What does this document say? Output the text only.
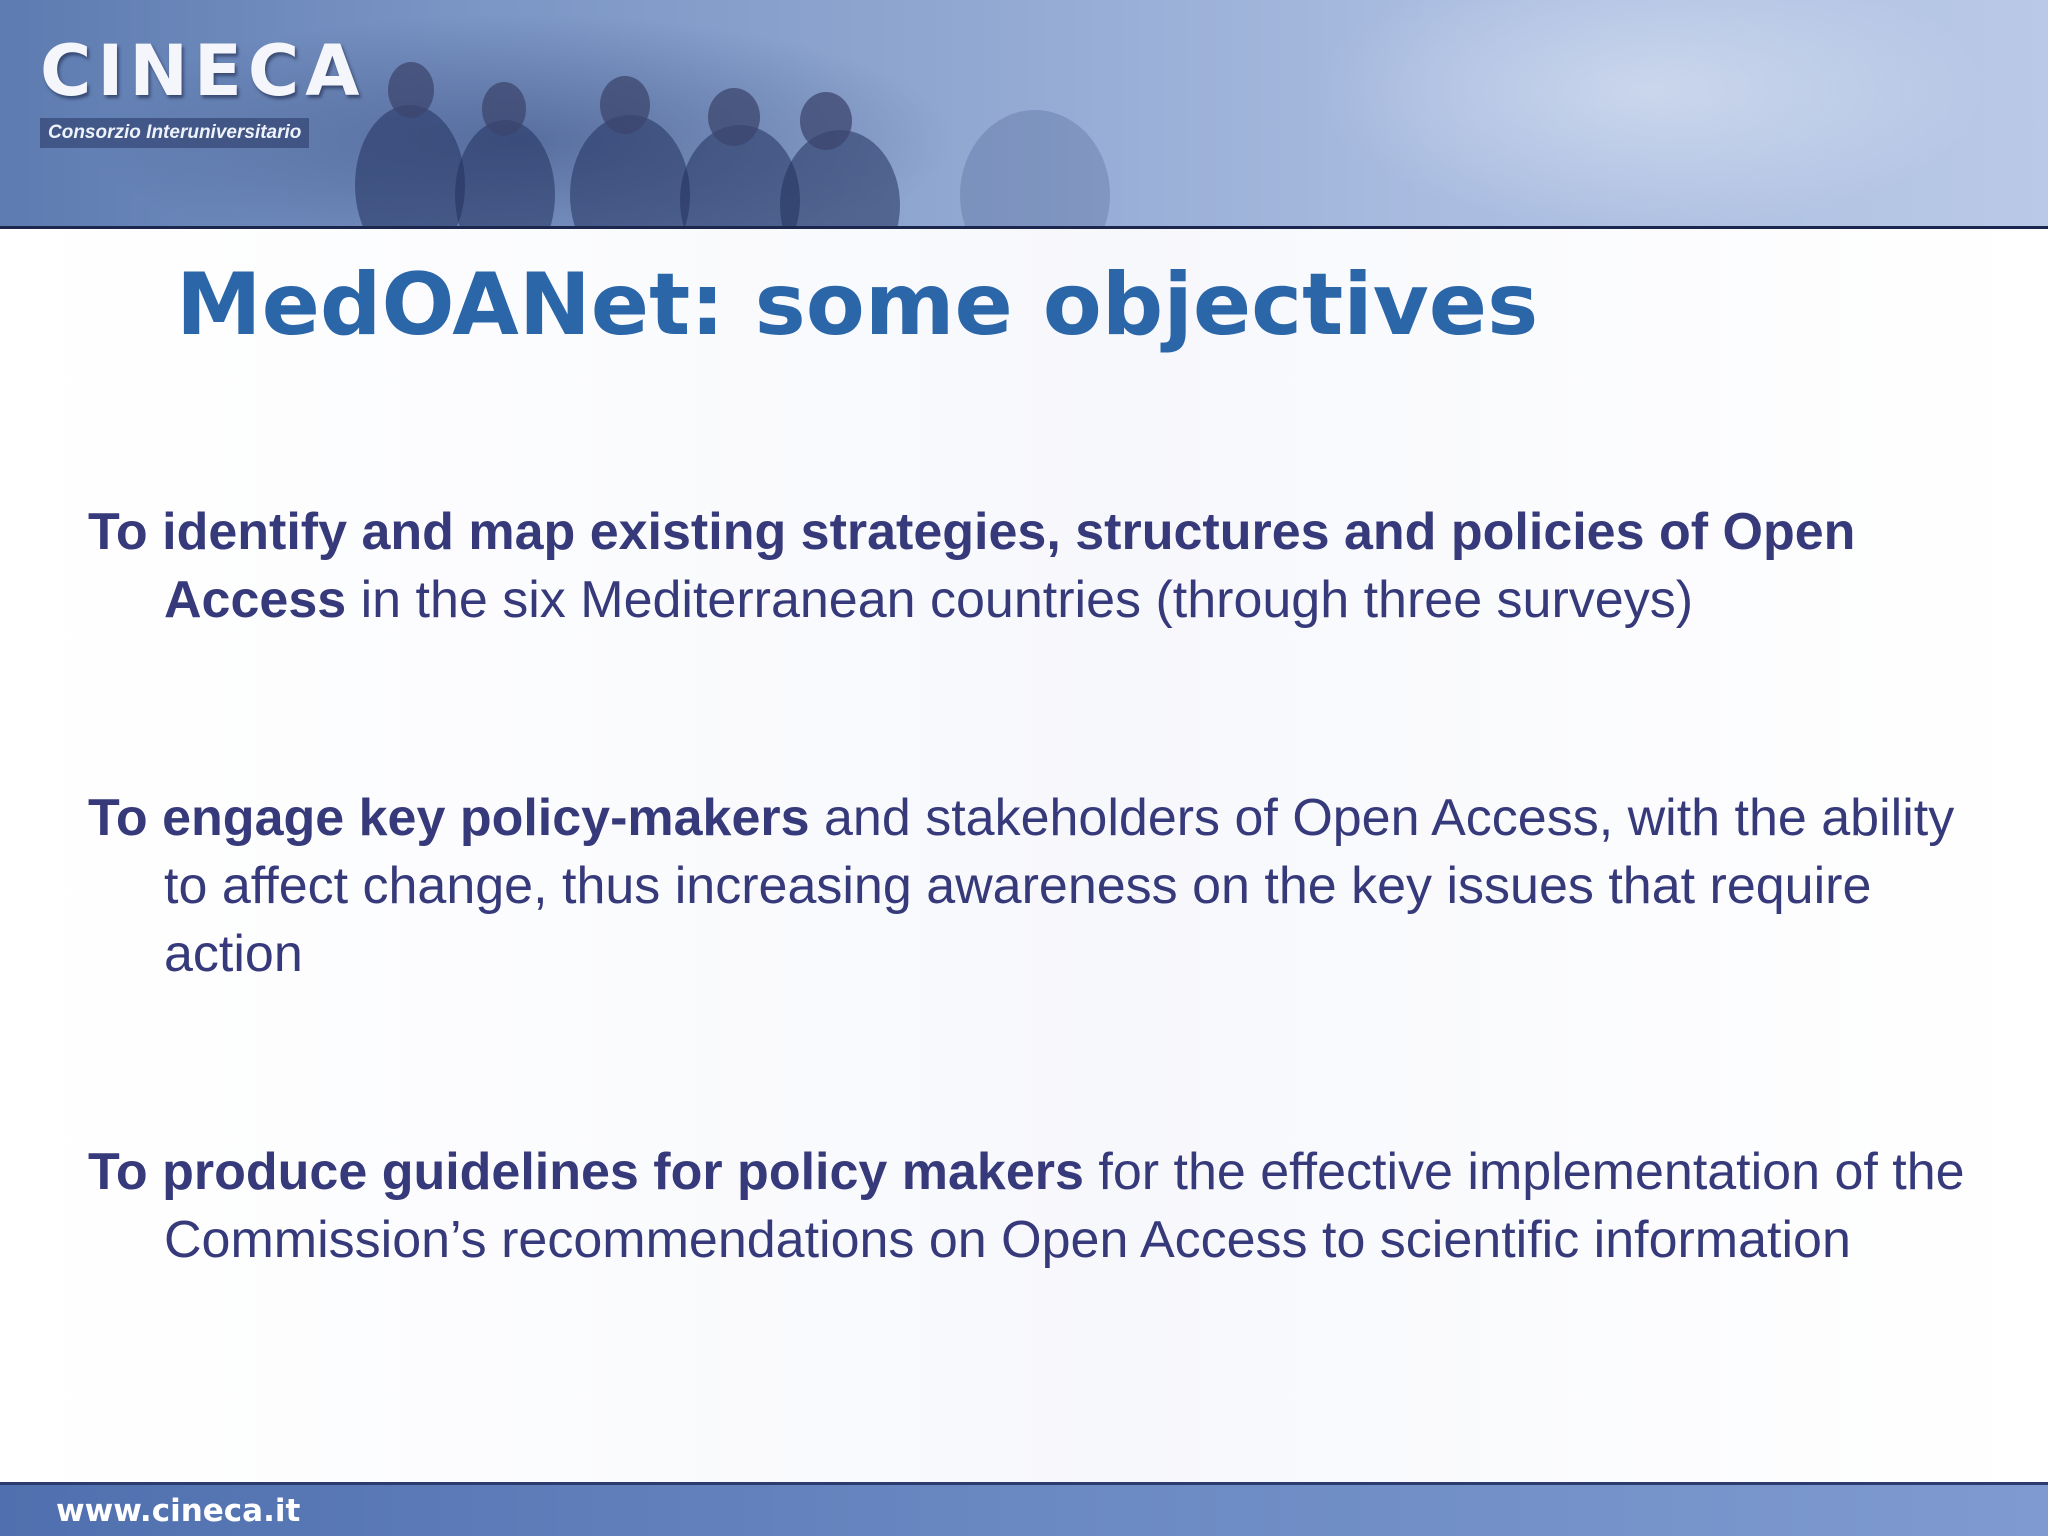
CINECA
Consorzio Interuniversitario
MedOANet: some objectives

To identify and map existing strategies, structures and policies of Open Access in the six Mediterranean countries (through three surveys)

To engage key policy-makers and stakeholders of Open Access, with the ability to affect change, thus increasing awareness on the key issues that require action

To produce guidelines for policy makers for the effective implementation of the Commission’s recommendations on Open Access to scientific information

www.cineca.it
